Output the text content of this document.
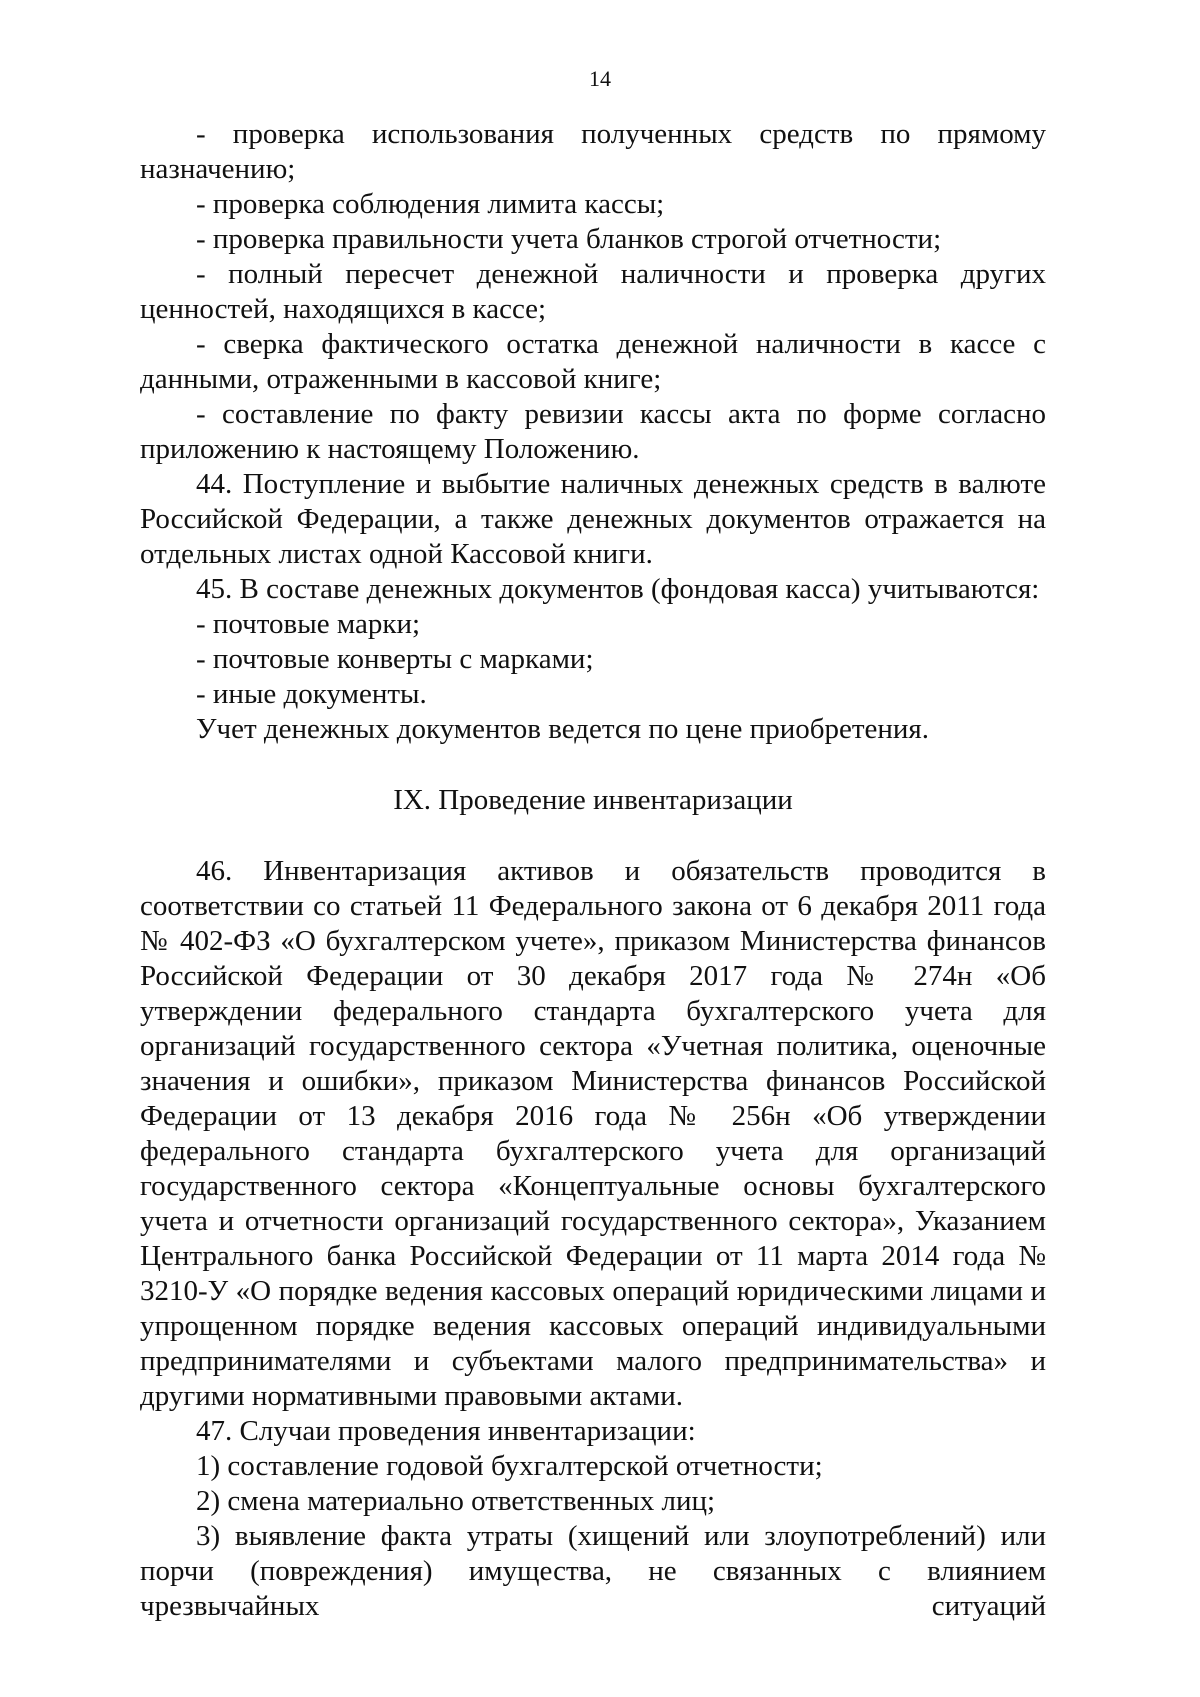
14

- проверка использования полученных средств по прямому назначению;

- проверка соблюдения лимита кассы;

- проверка правильности учета бланков строгой отчетности;

- полный пересчет денежной наличности и проверка других ценностей, находящихся в кассе;

- сверка фактического остатка денежной наличности в кассе с данными, отраженными в кассовой книге;

- составление по факту ревизии кассы акта по форме согласно приложению к настоящему Положению.

44. Поступление и выбытие наличных денежных средств в валюте Российской Федерации, а также денежных документов отражается на отдельных листах одной Кассовой книги.

45. В составе денежных документов (фондовая касса) учитываются:

- почтовые марки;

- почтовые конверты с марками;

- иные документы.

Учет денежных документов ведется по цене приобретения.

IX. Проведение инвентаризации

46. Инвентаризация активов и обязательств проводится в соответствии со статьей 11 Федерального закона от 6 декабря 2011 года № 402-ФЗ «О бухгалтерском учете», приказом Министерства финансов Российской Федерации от 30 декабря 2017 года № 274н «Об утверждении федерального стандарта бухгалтерского учета для организаций государственного сектора «Учетная политика, оценочные значения и ошибки», приказом Министерства финансов Российской Федерации от 13 декабря 2016 года № 256н «Об утверждении федерального стандарта бухгалтерского учета для организаций государственного сектора «Концептуальные основы бухгалтерского учета и отчетности организаций государственного сектора», Указанием Центрального банка Российской Федерации от 11 марта 2014 года № 3210-У «О порядке ведения кассовых операций юридическими лицами и упрощенном порядке ведения кассовых операций индивидуальными предпринимателями и субъектами малого предпринимательства» и другими нормативными правовыми актами.

47. Случаи проведения инвентаризации:

1) составление годовой бухгалтерской отчетности;

2) смена материально ответственных лиц;

3) выявление факта утраты (хищений или злоупотреблений) или порчи (повреждения) имущества, не связанных с влиянием чрезвычайных ситуаций
